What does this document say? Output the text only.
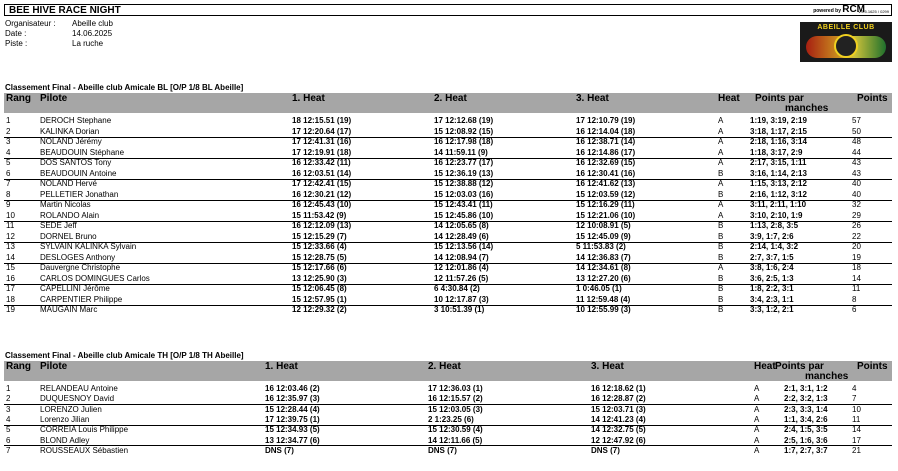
BEE HIVE RACE NIGHT	powered by RCM
v.3.5.1625 / 0299
Organisateur : Abeille club
Date :	14.06.2025
Piste :	La ruche
ABEILLE CLUB
Classement Final - Abeille club Amicale BL [O/P 1/8 BL Abeille]
Rang Pilote	1. Heat	2. Heat	3. Heat	Heat Points par	Points
manches
1	DEROCH Stephane	18 12:15.51 (19)	17 12:12.68 (19)	17 12:10.79 (19)	A	1:19, 3:19, 2:19	57
2	KALINKA Dorian	17 12:20.64 (17)	15 12:08.92 (15)	16 12:14.04 (18)	A	3:18, 1:17, 2:15	50
3	NOLAND Jérémy	17 12:41.31 (16)	16 12:17.98 (18)	16 12:38.71 (14)	A	2:18, 1:16, 3:14	48
4	BEAUDOUIN Stéphane	17 12:19.91 (18)	14 11:59.11 (9)	16 12:14.86 (17)	A	1:18, 3:17, 2:9	44
5	DOS SANTOS Tony	16 12:33.42 (11)	16 12:23.77 (17)	16 12:32.69 (15)	A	2:17, 3:15, 1:11	43
6	BEAUDOUIN Antoine	16 12:03.51 (14)	15 12:36.19 (13)	16 12:30.41 (16)	B	3:16, 1:14, 2:13	43
7	NOLAND Hervé	17 12:42.41 (15)	15 12:38.88 (12)	16 12:41.62 (13)	A	1:15, 3:13, 2:12	40
8	PELLETIER Jonathan	16 12:30.21 (12)	15 12:03.03 (16)	15 12:03.59 (12)	B	2:16, 1:12, 3:12	40
9	Martin Nicolas	16 12:45.43 (10)	15 12:43.41 (11)	15 12:16.29 (11)	A	3:11, 2:11, 1:10	32
10	ROLANDO Alain	15 11:53.42 (9)	15 12:45.86 (10)	15 12:21.06 (10)	A	3:10, 2:10, 1:9	29
11	SEDE Jeff	16 12:12.09 (13)	14 12:05.65 (8)	12 10:08.91 (5)	B	1:13, 2:8, 3:5	26
12	DORNEL Bruno	15 12:15.29 (7)	14 12:28.49 (6)	15 12:45.09 (9)	B	3:9, 1:7, 2:6	22
13	SYLVAIN KALINKA Sylvain	15 12:33.66 (4)	15 12:13.56 (14)	5 11:53.83 (2)	B	2:14, 1:4, 3:2	20
14	DESLOGES Anthony	15 12:28.75 (5)	14 12:08.94 (7)	14 12:36.83 (7)	B	2:7, 3:7, 1:5	19
15	Dauvergne Christophe	15 12:17.66 (6)	12 12:01.86 (4)	14 12:34.61 (8)	A	3:8, 1:6, 2:4	18
16	CARLOS DOMINGUES Carlos	13 12:25.90 (3)	12 11:57.26 (5)	13 12:27.20 (6)	B	3:6, 2:5, 1:3	14
17	CAPELLINI Jérôme	15 12:06.45 (8)	6 4:30.84 (2)	1 0:46.05 (1)	B	1:8, 2:2, 3:1	11
18	CARPENTIER Philippe	15 12:57.95 (1)	10 12:17.87 (3)	11 12:59.48 (4)	B	3:4, 2:3, 1:1	8
19	MAUGAIN Marc	12 12:29.32 (2)	3 10:51.39 (1)	10 12:55.99 (3)	B	3:3, 1:2, 2:1	6
Classement Final - Abeille club Amicale TH [O/P 1/8 TH Abeille]
Rang Pilote	1. Heat	2. Heat	3. Heat	Heat Points par	Points
manches
1	RELANDEAU Antoine	16 12:03.46 (2)	17 12:36.03 (1)	16 12:18.62 (1)	A	2:1, 3:1, 1:2	4
2	DUQUESNOY David	16 12:35.97 (3)	16 12:15.57 (2)	16 12:28.87 (2)	A	2:2, 3:2, 1:3	7
3	LORENZO Julien	15 12:28.44 (4)	15 12:03.05 (3)	15 12:03.71 (3)	A	2:3, 3:3, 1:4	10
4	Lorenzo Jilian	17 12:39.75 (1)	2 1:23.25 (6)	14 12:41.23 (4)	A	1:1, 3:4, 2:6	11
5	CORREIA Louis Philippe	15 12:34.93 (5)	15 12:30.59 (4)	14 12:32.75 (5)	A	2:4, 1:5, 3:5	14
6	BLOND Adley	13 12:34.77 (6)	14 12:11.66 (5)	12 12:47.92 (6)	A	2:5, 1:6, 3:6	17
7	ROUSSEAUX Sébastien	DNS (7)	DNS (7)	DNS (7)	A	1:7, 2:7, 3:7	21
